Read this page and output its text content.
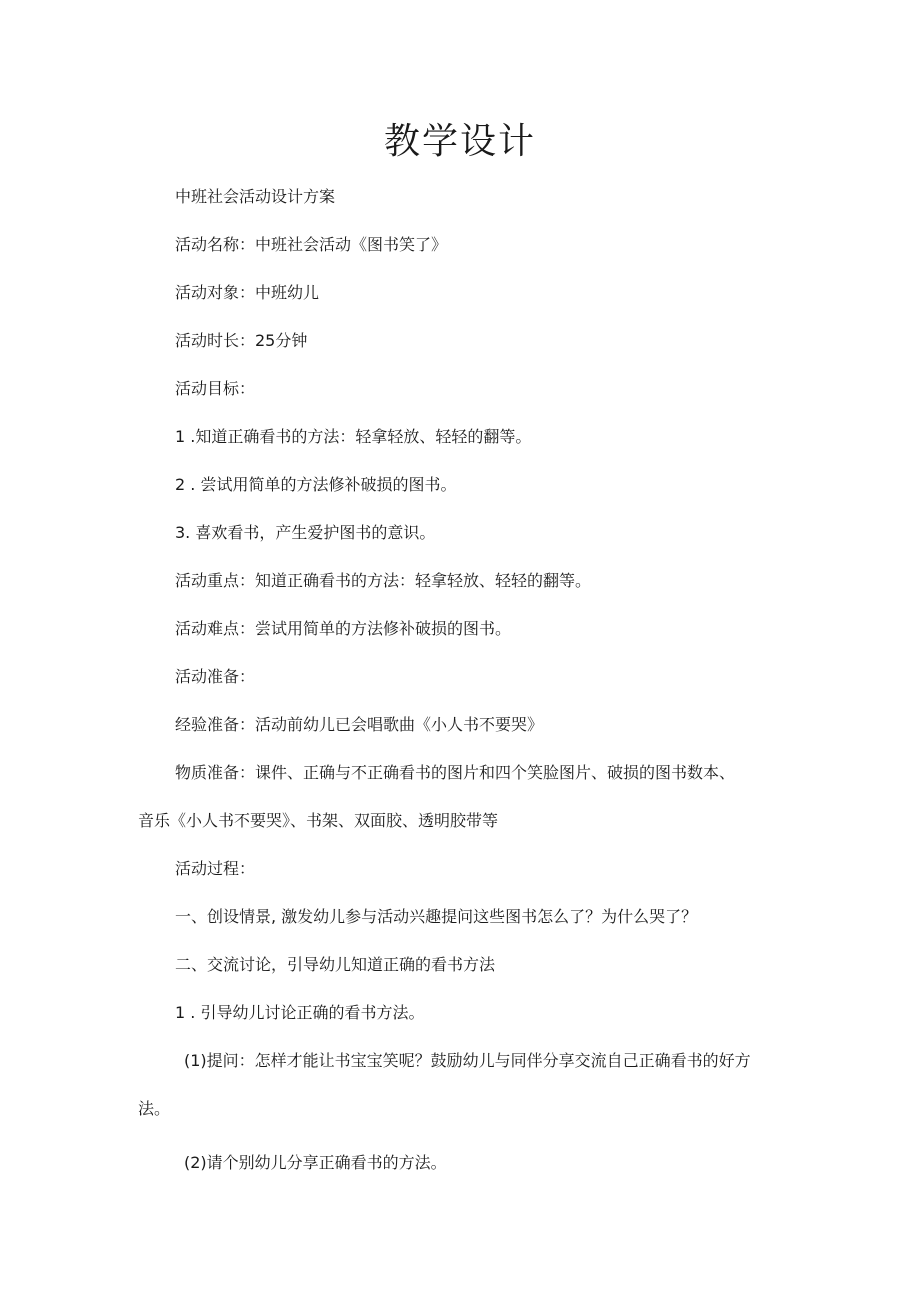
教学设计
中班社会活动设计方案
活动名称：中班社会活动《图书笑了》
活动对象：中班幼儿
活动时长：25分钟
活动目标：
1 .知道正确看书的方法：轻拿轻放、轻轻的翻等。
2 . 尝试用简单的方法修补破损的图书。
3. 喜欢看书，产生爱护图书的意识。
活动重点：知道正确看书的方法：轻拿轻放、轻轻的翻等。
活动难点：尝试用简单的方法修补破损的图书。
活动准备：
经验准备：活动前幼儿已会唱歌曲《小人书不要哭》
物质准备：课件、正确与不正确看书的图片和四个笑脸图片、破损的图书数本、
音乐《小人书不要哭》、书架、双面胶、透明胶带等
活动过程：
一、创设情景, 激发幼儿参与活动兴趣提问这些图书怎么了？为什么哭了？
二、交流讨论，引导幼儿知道正确的看书方法
1 . 引导幼儿讨论正确的看书方法。
(1)提问：怎样才能让书宝宝笑呢？鼓励幼儿与同伴分享交流自己正确看书的好方
法。
(2)请个别幼儿分享正确看书的方法。
